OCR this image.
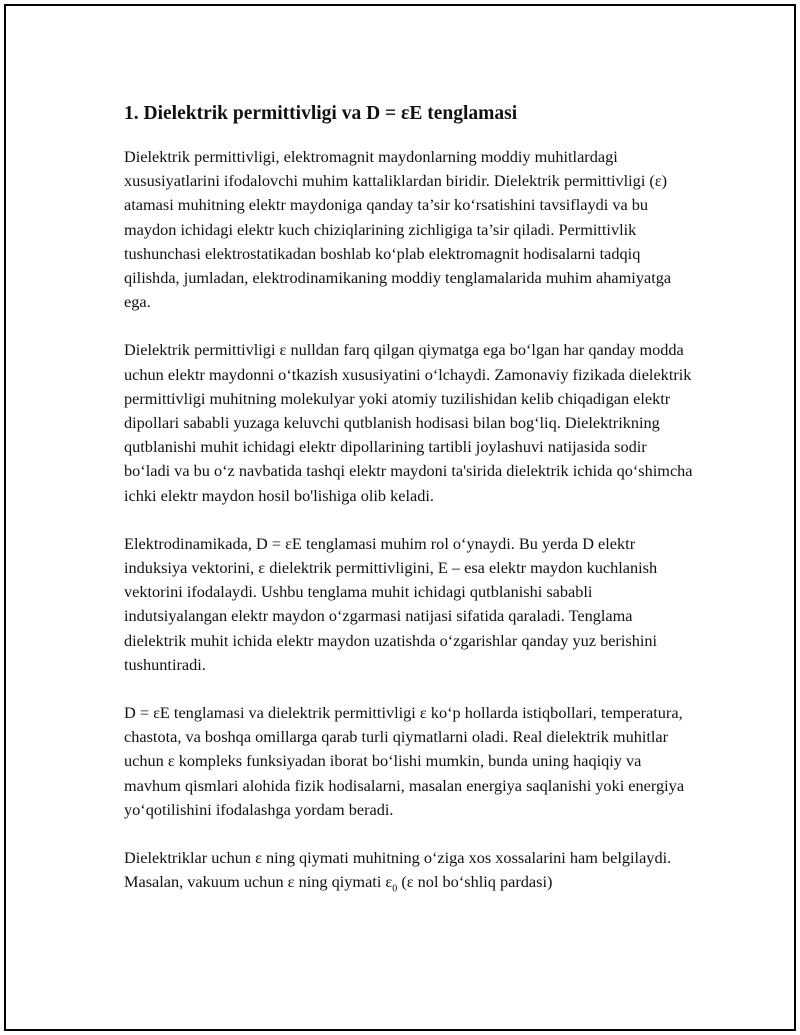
1. Dielektrik permittivligi va D = εE tenglamasi

Dielektrik permittivligi, elektromagnit maydonlarning moddiy muhitlardagi xususiyatlarini ifodalovchi muhim kattaliklardan biridir. Dielektrik permittivligi (ε) atamasi muhitning elektr maydoniga qanday ta’sir koʻrsatishini tavsiflaydi va bu maydon ichidagi elektr kuch chiziqlarining zichligiga ta’sir qiladi. Permittivlik tushunchasi elektrostatikadan boshlab koʻplab elektromagnit hodisalarni tadqiq qilishda, jumladan, elektrodinamikaning moddiy tenglamalarida muhim ahamiyatga ega.

Dielektrik permittivligi ε nulldan farq qilgan qiymatga ega boʻlgan har qanday modda uchun elektr maydonni oʻtkazish xususiyatini oʻlchaydi. Zamonaviy fizikada dielektrik permittivligi muhitning molekulyar yoki atomiy tuzilishidan kelib chiqadigan elektr dipollari sababli yuzaga keluvchi qutblanish hodisasi bilan bogʻliq. Dielektrikning qutblanishi muhit ichidagi elektr dipollarining tartibli joylashuvi natijasida sodir boʻladi va bu oʻz navbatida tashqi elektr maydoni ta'sirida dielektrik ichida qoʻshimcha ichki elektr maydon hosil bo'lishiga olib keladi.

Elektrodinamikada, D = εE tenglamasi muhim rol oʻynaydi. Bu yerda D elektr induksiya vektorini, ε dielektrik permittivligini, E – esa elektr maydon kuchlanish vektorini ifodalaydi. Ushbu tenglama muhit ichidagi qutblanishi sababli indutsiyalangan elektr maydon oʻzgarmasi natijasi sifatida qaraladi. Tenglama dielektrik muhit ichida elektr maydon uzatishda oʻzgarishlar qanday yuz berishini tushuntiradi.

D = εE tenglamasi va dielektrik permittivligi ε koʻp hollarda istiqbollari, temperatura, chastota, va boshqa omillarga qarab turli qiymatlarni oladi. Real dielektrik muhitlar uchun ε kompleks funksiyadan iborat boʻlishi mumkin, bunda uning haqiqiy va mavhum qismlari alohida fizik hodisalarni, masalan energiya saqlanishi yoki energiya yoʻqotilishini ifodalashga yordam beradi.

Dielektriklar uchun ε ning qiymati muhitning oʻziga xos xossalarini ham belgilaydi. Masalan, vakuum uchun ε ning qiymati $\varepsilon_0$ (ε nol boʻshliq pardasi)
